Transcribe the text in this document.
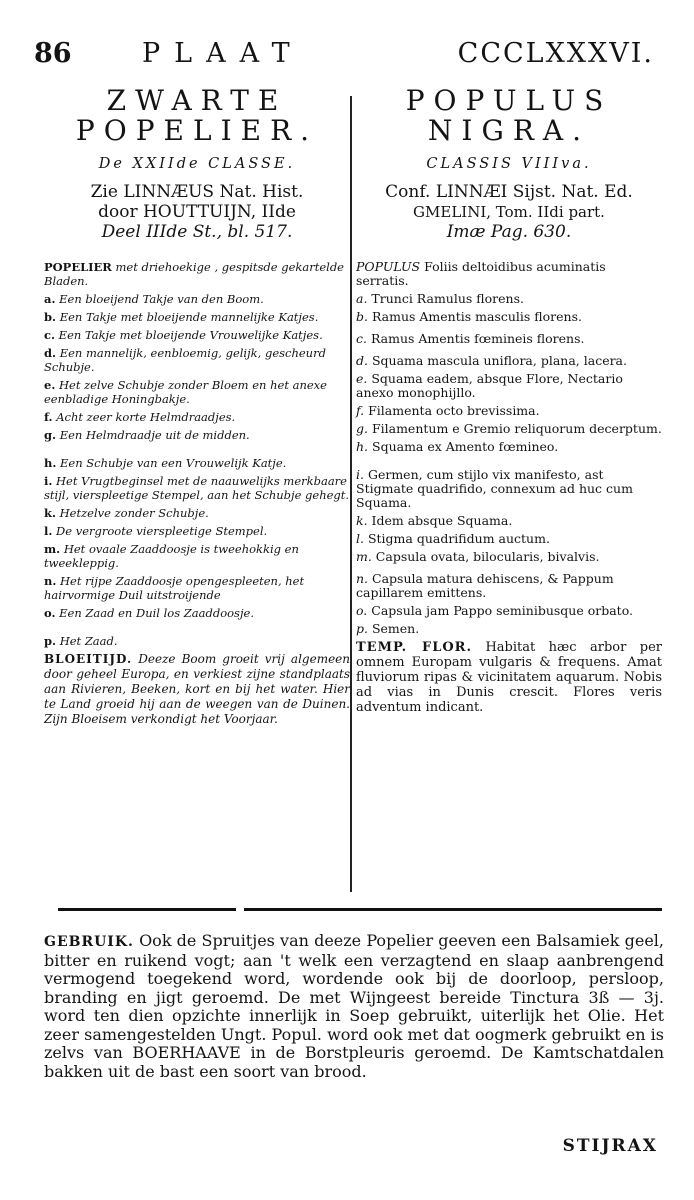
86	PLAAT	CCCLXXXVI.
ZWARTE
POPELIER.
De XXIIde CLASSE.
Zie LINNÆUS Nat. Hist.
door HOUTTUIJN, IIde
Deel IIIde St., bl. 517.
POPELIER met driehoekige , gespitsde gekartelde Bladen.
a. Een bloeijend Takje van den Boom.
b. Een Takje met bloeijende mannelijke Katjes.
c. Een Takje met bloeijende Vrouwelijke Katjes.
d. Een mannelijk, eenbloemig, gelijk, gescheurd Schubje.
e. Het zelve Schubje zonder Bloem en het anexe eenbladige Honingbakje.
f. Acht zeer korte Helmdraadjes.
g. Een Helmdraadje uit de midden.
h. Een Schubje van een Vrouwelijk Katje.
i. Het Vrugtbeginsel met de naauwelijks merkbaare stijl, vierspleetige Stempel, aan het Schubje gehegt.
k. Hetzelve zonder Schubje.
l. De vergroote vierspleetige Stempel.
m. Het ovaale Zaaddoosje is tweehokkig en tweekleppig.
n. Het rijpe Zaaddoosje opengespleeten, het hairvormige Duil uitstroijende
o. Een Zaad en Duil los Zaaddoosje.
p. Het Zaad.
BLOEITIJD. Deeze Boom groeit vrij algemeen door geheel Europa, en verkiest zijne standplaats aan Rivieren, Beeken, kort en bij het water. Hier te Land groeid hij aan de weegen van de Duinen. Zijn Bloeisem verkondigt het Voorjaar.
POPULUS
NIGRA.
CLASSIS VIIIva.
Conf. LINNÆI Sijst. Nat. Ed.
GMELINI, Tom. IIdi part.
Imæ Pag. 630.
POPULUS Foliis deltoidibus acuminatis serratis.
a. Trunci Ramulus florens.
b. Ramus Amentis masculis florens.
c. Ramus Amentis fœmineis florens.
d. Squama mascula uniflora, plana, lacera.
e. Squama eadem, absque Flore, Nectario anexo monophijllo.
f. Filamenta octo brevissima.
g. Filamentum e Gremio reliquorum decerptum.
h. Squama ex Amento fœmineo.
i. Germen, cum stijlo vix manifesto, ast Stigmate quadrifido, connexum ad huc cum Squama.
k. Idem absque Squama.
l. Stigma quadrifidum auctum.
m. Capsula ovata, bilocularis, bivalvis.
n. Capsula matura dehiscens, & Pappum capillarem emittens.
o. Capsula jam Pappo seminibusque orbato.
p. Semen.
TEMP. FLOR. Habitat hæc arbor per omnem Europam vulgaris & frequens. Amat fluviorum ripas & vicinitatem aquarum. Nobis ad vias in Dunis crescit. Flores veris adventum indicant.
GEBRUIK. Ook de Spruitjes van deeze Popelier geeven een Balsamiek geel, bitter en ruikend vogt; aan 't welk een verzagtend en slaap aanbrengend vermogend toegekend word, wordende ook bij de doorloop, persloop, branding en jigt geroemd. De met Wijngeest bereide Tinctura 3ß — 3j. word ten dien opzichte innerlijk in Soep gebruikt, uiterlijk het Olie. Het zeer samengestelden Ungt. Popul. word ook met dat oogmerk gebruikt en is zelvs van BOERHAAVE in de Borstpleuris geroemd. De Kamtschatdalen bakken uit de bast een soort van brood.
STIJRAX
